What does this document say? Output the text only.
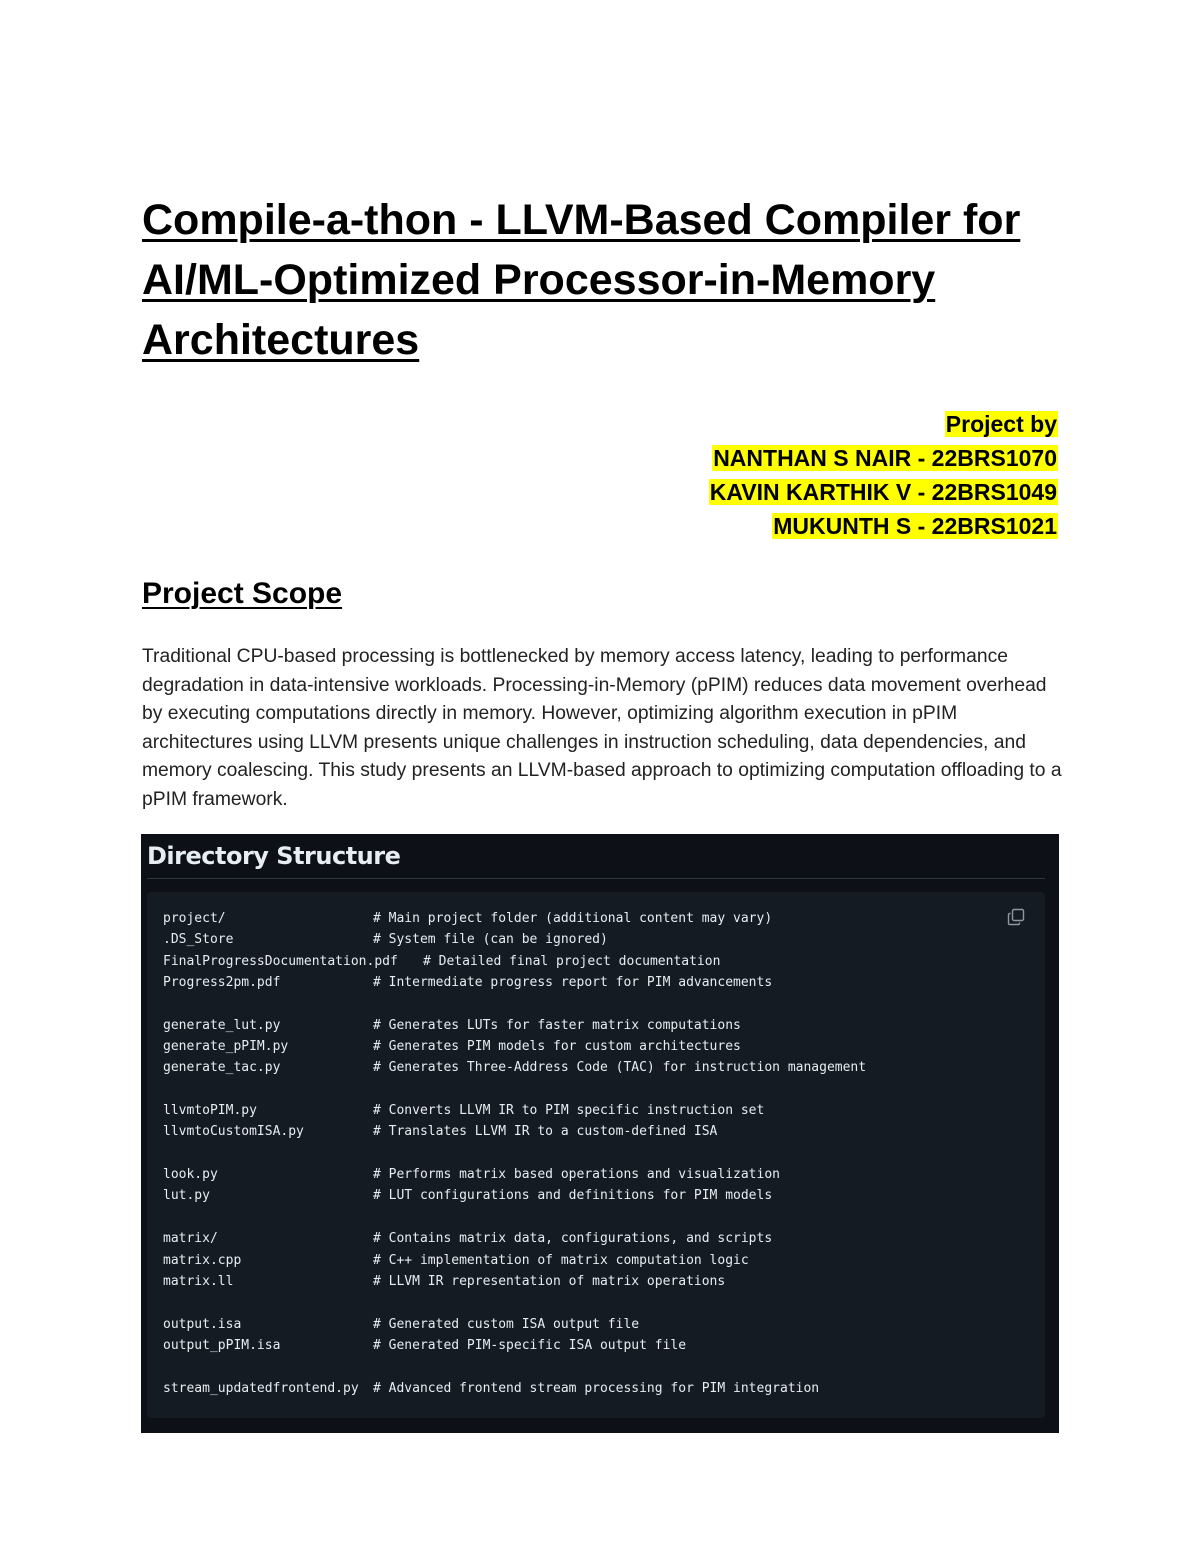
Compile-a-thon - LLVM-Based Compiler for AI/ML-Optimized Processor-in-Memory Architectures
Project by
NANTHAN S NAIR - 22BRS1070
KAVIN KARTHIK V - 22BRS1049
MUKUNTH S - 22BRS1021
Project Scope

Traditional CPU-based processing is bottlenecked by memory access latency, leading to performance degradation in data-intensive workloads. Processing-in-Memory (pPIM) reduces data movement overhead by executing computations directly in memory. However, optimizing algorithm execution in pPIM architectures using LLVM presents unique challenges in instruction scheduling, data dependencies, and memory coalescing. This study presents an LLVM-based approach to optimizing computation offloading to a pPIM framework.

Directory Structure
project/	# Main project folder (additional content may vary)
.DS_Store	# System file (can be ignored)
FinalProgressDocumentation.pdf # Detailed final project documentation
Progress2pm.pdf	# Intermediate progress report for PIM advancements
generate_lut.py	# Generates LUTs for faster matrix computations
generate_pPIM.py	# Generates PIM models for custom architectures
generate_tac.py	# Generates Three-Address Code (TAC) for instruction management
llvmtoPIM.py	# Converts LLVM IR to PIM specific instruction set
llvmtoCustomISA.py	# Translates LLVM IR to a custom-defined ISA
look.py	# Performs matrix based operations and visualization
lut.py	# LUT configurations and definitions for PIM models
matrix/	# Contains matrix data, configurations, and scripts
matrix.cpp	# C++ implementation of matrix computation logic
matrix.ll	# LLVM IR representation of matrix operations
output.isa	# Generated custom ISA output file
output_pPIM.isa	# Generated PIM-specific ISA output file
stream_updatedfrontend.py # Advanced frontend stream processing for PIM integration
